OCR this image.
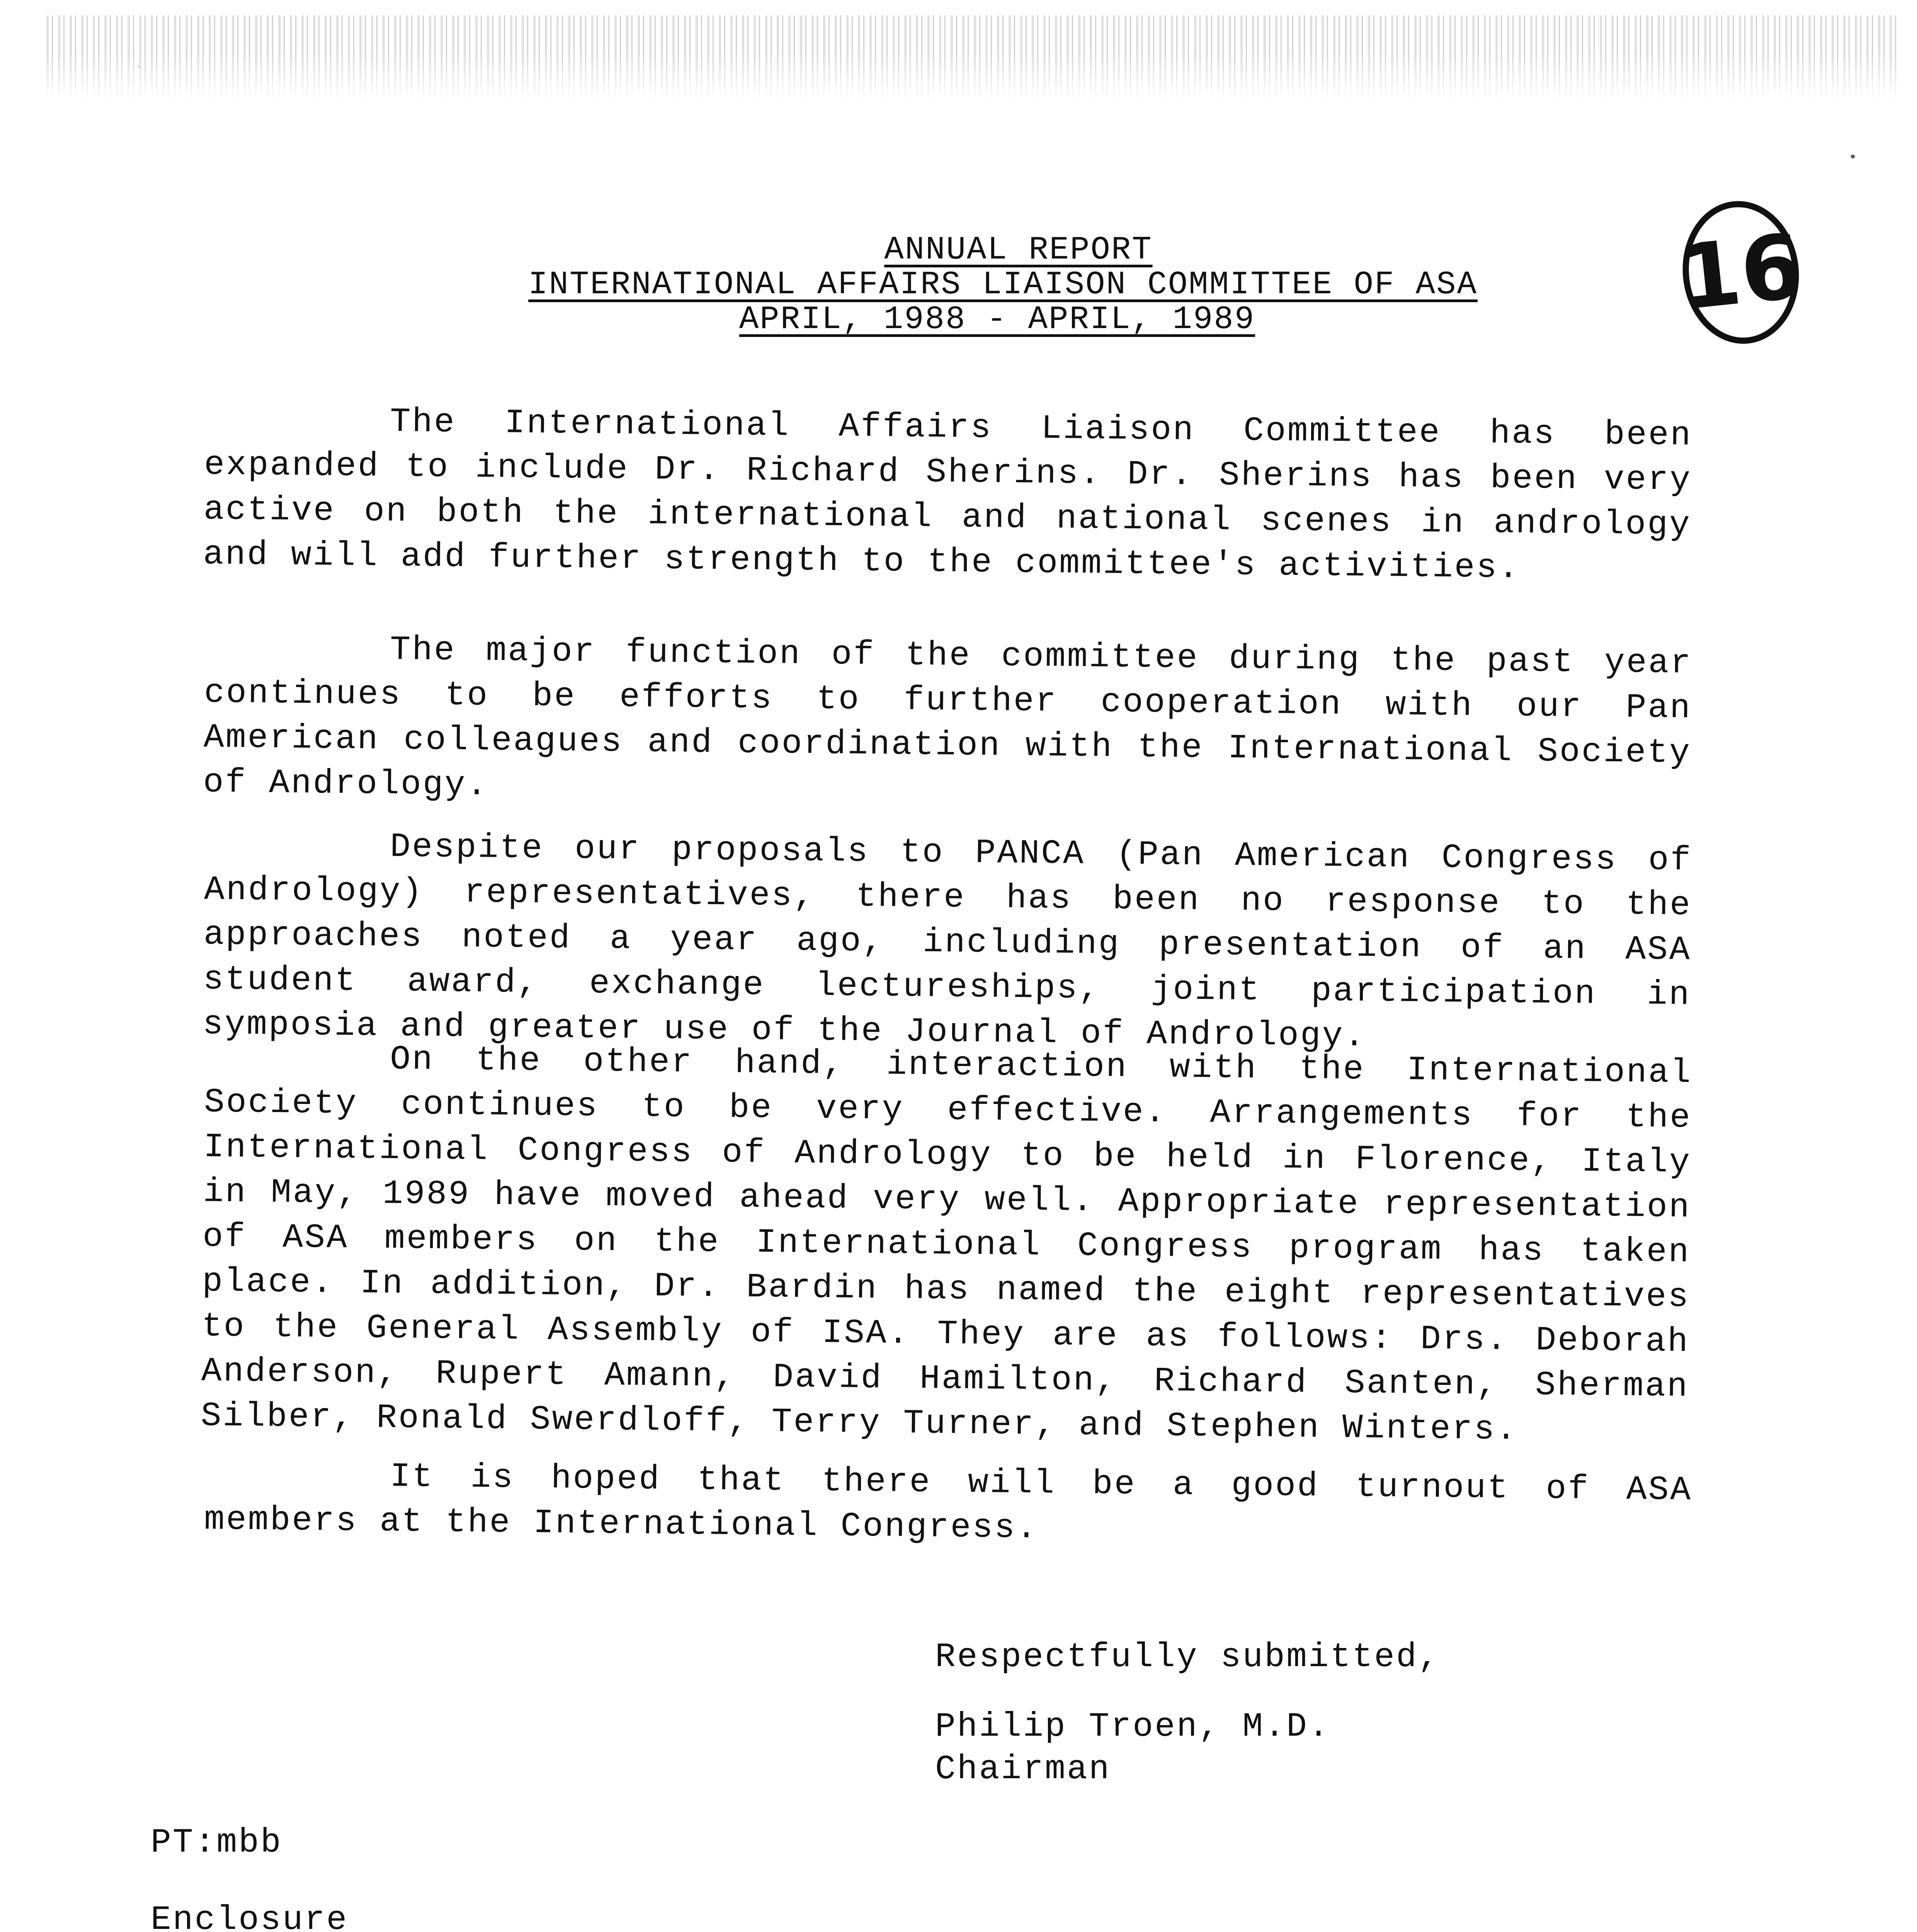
16
ANNUAL REPORT
INTERNATIONAL AFFAIRS LIAISON COMMITTEE OF ASA
APRIL, 1988 - APRIL, 1989

The International Affairs Liaison Committee has been expanded to include Dr. Richard Sherins. Dr. Sherins has been very active on both the international and national scenes in andrology and will add further strength to the committee's activities.

The major function of the committee during the past year continues to be efforts to further cooperation with our Pan American colleagues and coordination with the International Society of Andrology.

Despite our proposals to PANCA (Pan American Congress of Andrology) representatives, there has been no response to the approaches noted a year ago, including presentation of an ASA student award, exchange lectureships, joint participation in symposia and greater use of the Journal of Andrology.

On the other hand, interaction with the International Society continues to be very effective. Arrangements for the International Congress of Andrology to be held in Florence, Italy in May, 1989 have moved ahead very well. Appropriate representation of ASA members on the International Congress program has taken place. In addition, Dr. Bardin has named the eight representatives to the General Assembly of ISA. They are as follows: Drs. Deborah Anderson, Rupert Amann, David Hamilton, Richard Santen, Sherman Silber, Ronald Swerdloff, Terry Turner, and Stephen Winters.

It is hoped that there will be a good turnout of ASA members at the International Congress.

Respectfully submitted,
Philip Troen, M.D.
Chairman
PT:mbb
Enclosure
